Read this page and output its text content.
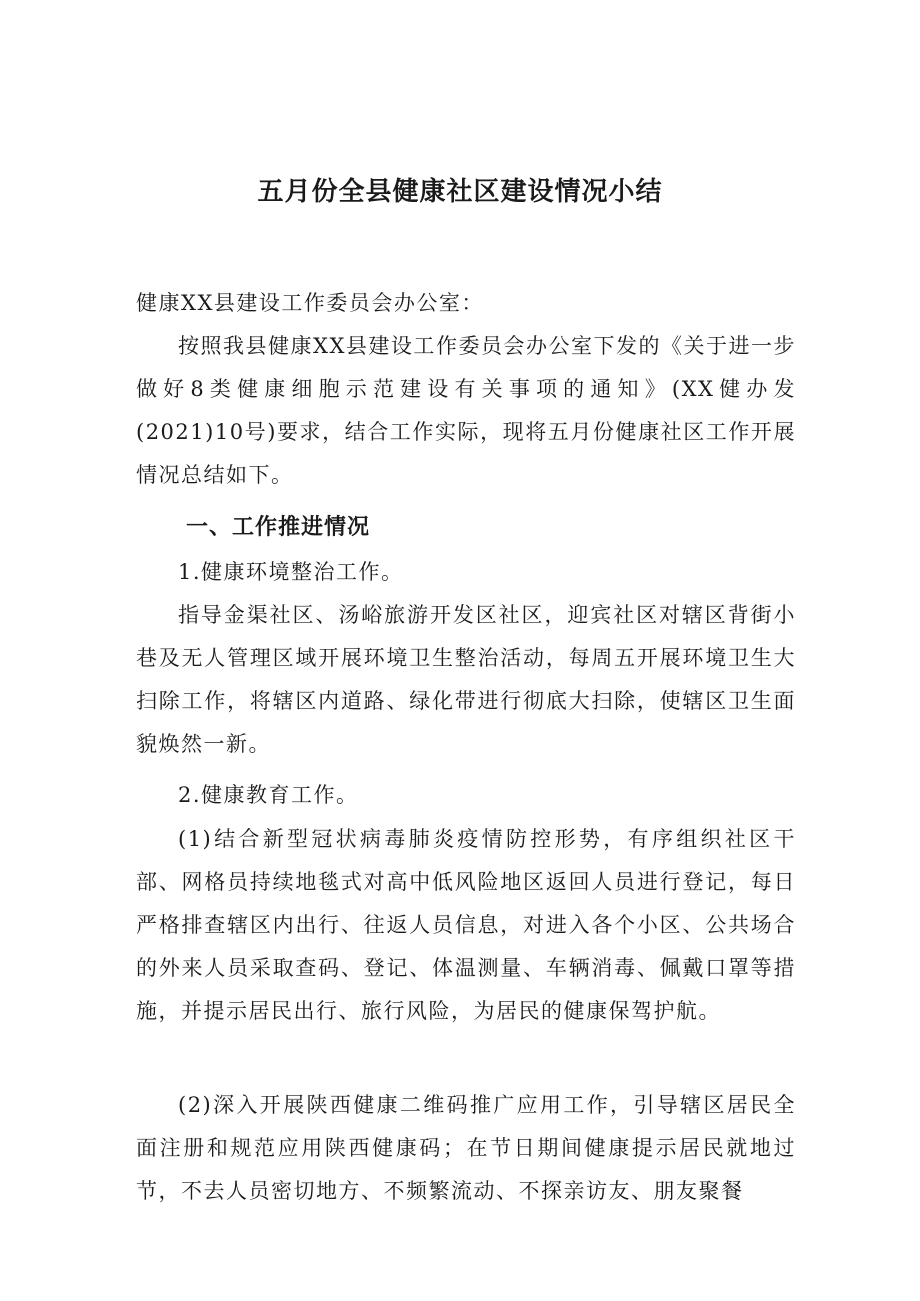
五月份全县健康社区建设情况小结

健康XX县建设工作委员会办公室：

按照我县健康XX县建设工作委员会办公室下发的《关于进一步做好8类健康细胞示范建设有关事项的通知》(XX健办发(2021)10号)要求，结合工作实际，现将五月份健康社区工作开展情况总结如下。

一、工作推进情况

1.健康环境整治工作。

指导金渠社区、汤峪旅游开发区社区，迎宾社区对辖区背街小巷及无人管理区域开展环境卫生整治活动，每周五开展环境卫生大扫除工作，将辖区内道路、绿化带进行彻底大扫除，使辖区卫生面貌焕然一新。

2.健康教育工作。

(1)结合新型冠状病毒肺炎疫情防控形势，有序组织社区干部、网格员持续地毯式对高中低风险地区返回人员进行登记，每日严格排查辖区内出行、往返人员信息，对进入各个小区、公共场合的外来人员采取查码、登记、体温测量、车辆消毒、佩戴口罩等措施，并提示居民出行、旅行风险，为居民的健康保驾护航。

(2)深入开展陕西健康二维码推广应用工作，引导辖区居民全面注册和规范应用陕西健康码；在节日期间健康提示居民就地过节，不去人员密切地方、不频繁流动、不探亲访友、朋友聚餐
